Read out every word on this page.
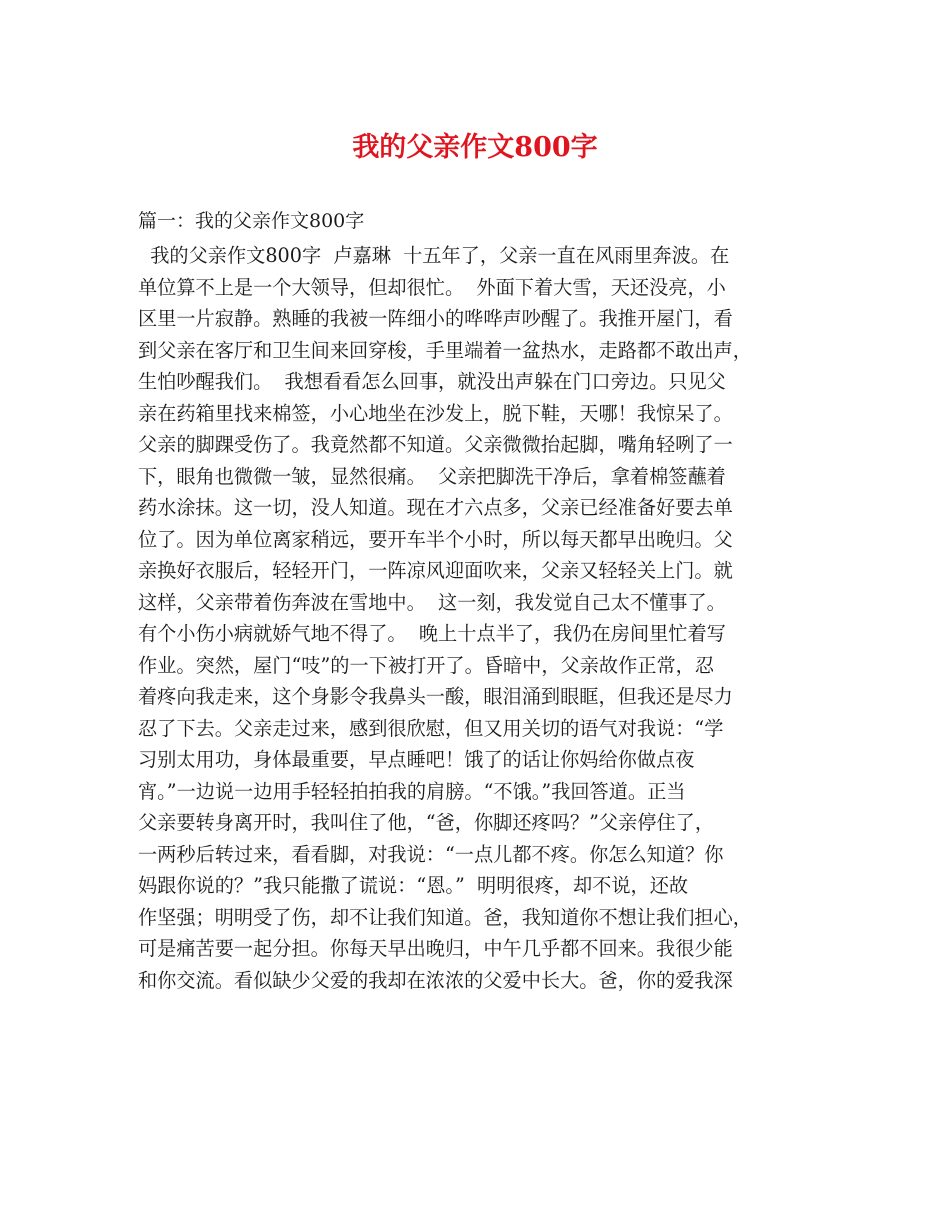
我的父亲作文800字

篇一：我的父亲作文800字

我的父亲作文800字  卢嘉琳  十五年了，父亲一直在风雨里奔波。在
单位算不上是一个大领导，但却很忙。  外面下着大雪，天还没亮，小
区里一片寂静。熟睡的我被一阵细小的哗哗声吵醒了。我推开屋门，看
到父亲在客厅和卫生间来回穿梭，手里端着一盆热水，走路都不敢出声，
生怕吵醒我们。  我想看看怎么回事，就没出声躲在门口旁边。只见父
亲在药箱里找来棉签，小心地坐在沙发上，脱下鞋，天哪！我惊呆了。
父亲的脚踝受伤了。我竟然都不知道。父亲微微抬起脚，嘴角轻咧了一
下，眼角也微微一皱，显然很痛。  父亲把脚洗干净后，拿着棉签蘸着
药水涂抹。这一切，没人知道。现在才六点多，父亲已经准备好要去单
位了。因为单位离家稍远，要开车半个小时，所以每天都早出晚归。父
亲换好衣服后，轻轻开门，一阵凉风迎面吹来，父亲又轻轻关上门。就
这样，父亲带着伤奔波在雪地中。  这一刻，我发觉自己太不懂事了。
有个小伤小病就娇气地不得了。  晚上十点半了，我仍在房间里忙着写
作业。突然，屋门“吱”的一下被打开了。昏暗中，父亲故作正常，忍
着疼向我走来，这个身影令我鼻头一酸，眼泪涌到眼眶，但我还是尽力
忍了下去。父亲走过来，感到很欣慰，但又用关切的语气对我说：“学
习别太用功，身体最重要，早点睡吧！饿了的话让你妈给你做点夜
宵。”一边说一边用手轻轻拍拍我的肩膀。“不饿。”我回答道。正当
父亲要转身离开时，我叫住了他，“爸，你脚还疼吗？”父亲停住了，
一两秒后转过来，看看脚，对我说：“一点儿都不疼。你怎么知道？你
妈跟你说的？”我只能撒了谎说：“恩。”  明明很疼，却不说，还故
作坚强；明明受了伤，却不让我们知道。爸，我知道你不想让我们担心，
可是痛苦要一起分担。你每天早出晚归，中午几乎都不回来。我很少能
和你交流。看似缺少父爱的我却在浓浓的父爱中长大。爸，你的爱我深
